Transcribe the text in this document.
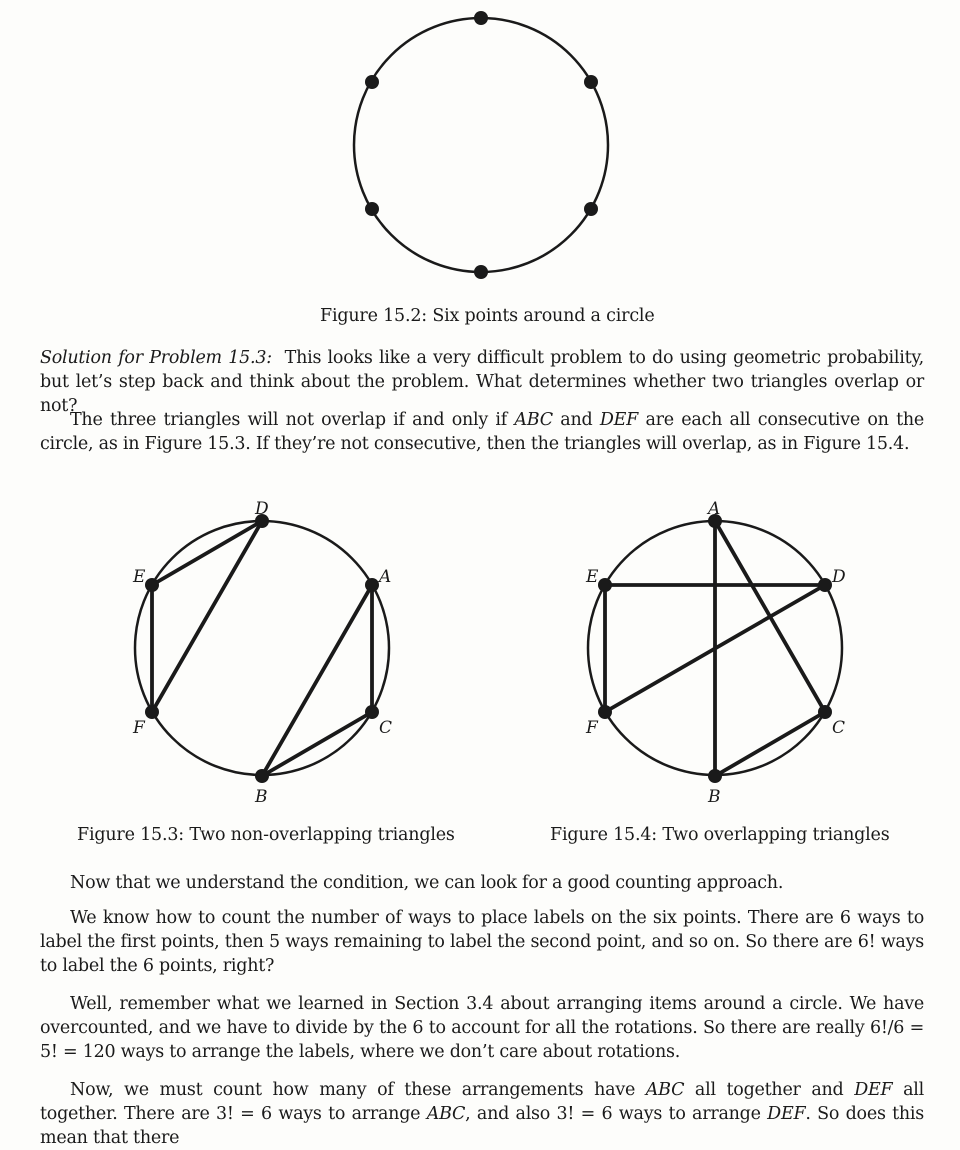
Figure 15.2: Six points around a circle
Solution for Problem 15.3: This looks like a very difficult problem to do using geometric probability, but let’s step back and think about the problem. What determines whether two triangles overlap or not?
The three triangles will not overlap if and only if ABC and DEF are each all consecutive on the circle, as in Figure 15.3. If they’re not consecutive, then the triangles will overlap, as in Figure 15.4.
D
E	A
F	C
B
A
E	D
F	C
B
Figure 15.3: Two non-overlapping triangles	Figure 15.4: Two overlapping triangles
Now that we understand the condition, we can look for a good counting approach.
We know how to count the number of ways to place labels on the six points. There are 6 ways to label the first points, then 5 ways remaining to label the second point, and so on. So there are 6! ways to label the 6 points, right?
Well, remember what we learned in Section 3.4 about arranging items around a circle. We have overcounted, and we have to divide by the 6 to account for all the rotations. So there are really 6!/6 = 5! = 120 ways to arrange the labels, where we don’t care about rotations.
Now, we must count how many of these arrangements have ABC all together and DEF all together. There are 3! = 6 ways to arrange ABC, and also 3! = 6 ways to arrange DEF. So does this mean that there
